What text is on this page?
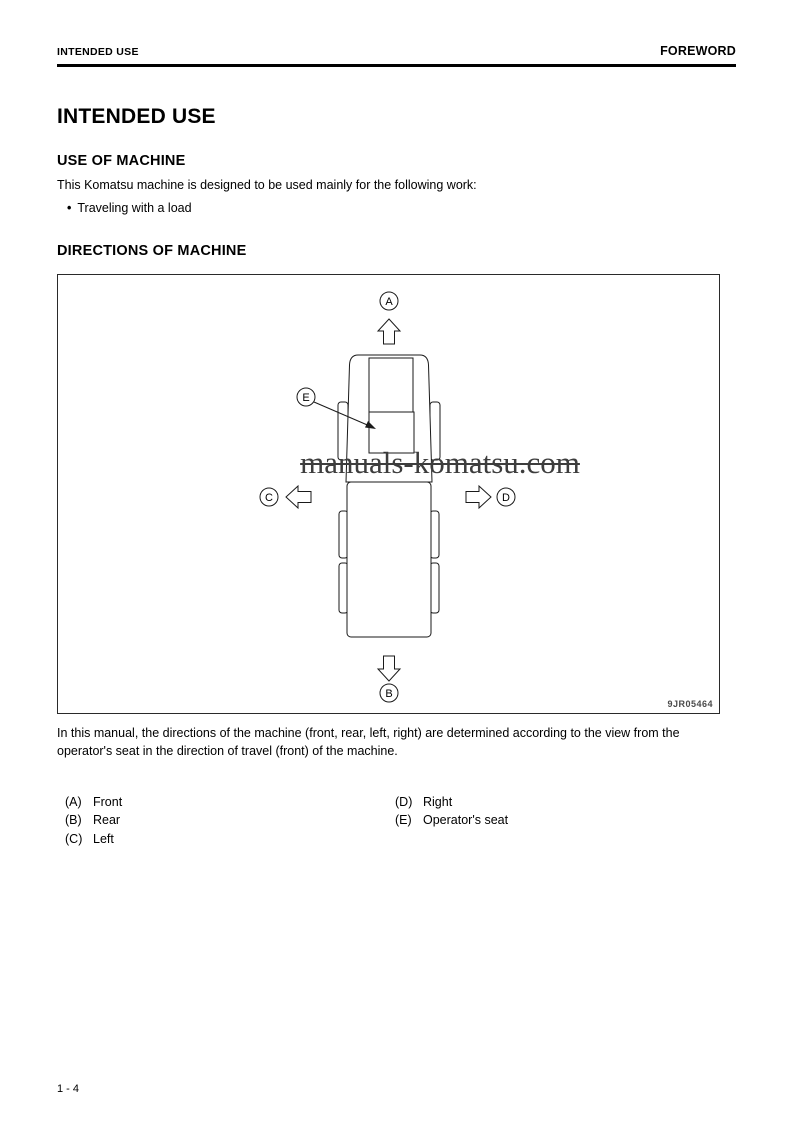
INTENDED USE	FOREWORD
INTENDED USE
USE OF MACHINE
This Komatsu machine is designed to be used mainly for the following work:
• Traveling with a load
DIRECTIONS OF MACHINE
A
B
C	D
E
manuals-komatsu.com
9JR05464
In this manual, the directions of the machine (front, rear, left, right) are determined according to the view from the operator's seat in the direction of travel (front) of the machine.
(A) Front
(B) Rear
(C) Left
(D) Right
(E) Operator's seat
1 - 4
